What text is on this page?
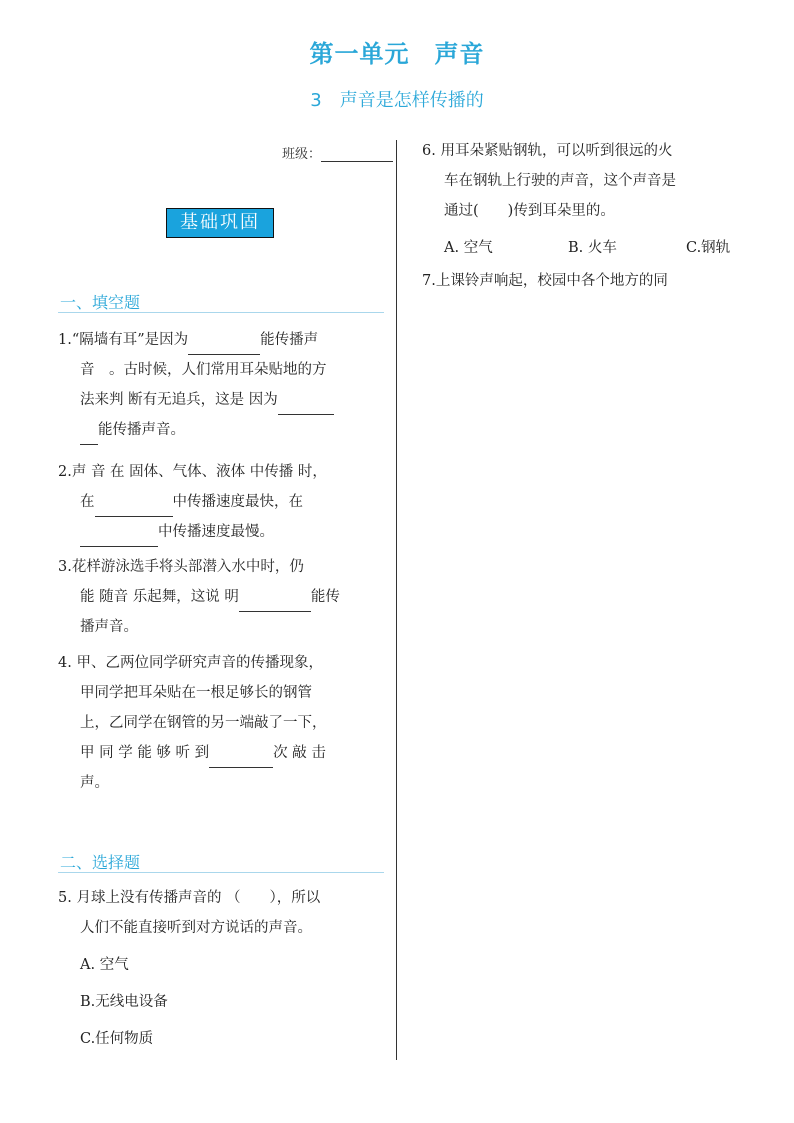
第一单元　声音
3　声音是怎样传播的
班级：
基础巩固
一、填空题
1.“隔墙有耳”是因为	能传播声
音　。古时候，人们常用耳朵贴地的方
法来判 断有无追兵，这是 因为
能传播声音。
2.声 音 在 固体、气体、液体 中传播 时，
在	中传播速度最快，在
中传播速度最慢。
3.花样游泳选手将头部潜入水中时，仍
能 随音 乐起舞，这说 明	能传
播声音。
4. 甲、乙两位同学研究声音的传播现象，
甲同学把耳朵贴在一根足够长的钢管
上，乙同学在钢管的另一端敲了一下，
甲 同 学 能 够 听 到	次 敲 击
声。
二、选择题
5. 月球上没有传播声音的 （　　），所以
人们不能直接听到对方说话的声音。
A. 空气
B.无线电设备
C.任何物质
6. 用耳朵紧贴钢轨，可以听到很远的火
车在钢轨上行驶的声音，这个声音是
通过(　　)传到耳朵里的。
A. 空气	B. 火车	C.钢轨
7.上课铃声响起，校园中各个地方的同
